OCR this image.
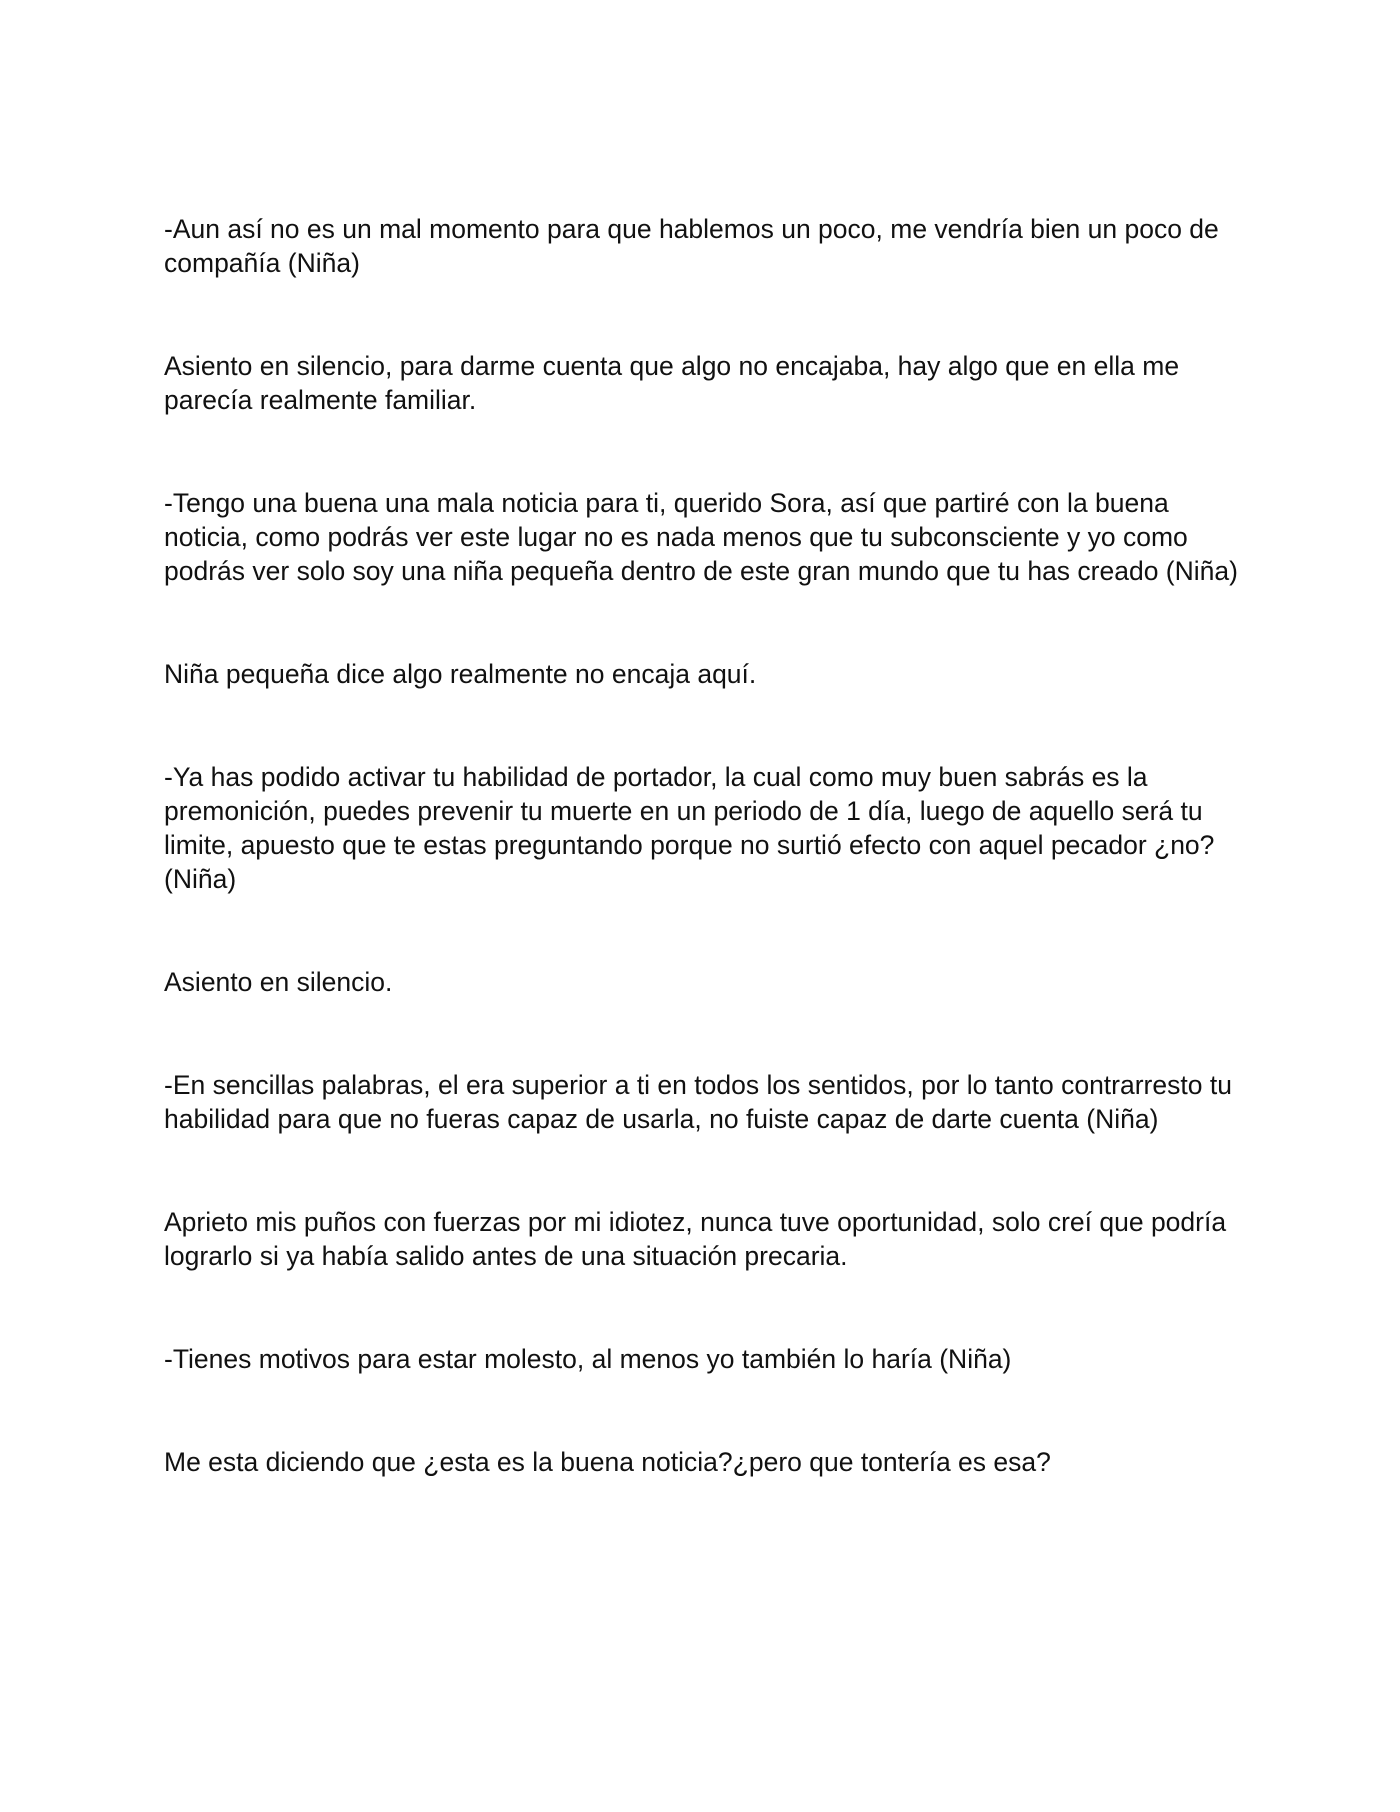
-Aun así no es un mal momento para que hablemos un poco, me vendría bien un poco de compañía (Niña)

Asiento en silencio, para darme cuenta que algo no encajaba, hay algo que en ella me parecía realmente familiar.

-Tengo una buena una mala noticia para ti, querido Sora, así que partiré con la buena noticia, como podrás ver este lugar no es nada menos que tu subconsciente y yo como podrás ver solo soy una niña pequeña dentro de este gran mundo que tu has creado (Niña)

Niña pequeña dice algo realmente no encaja aquí.

-Ya has podido activar tu habilidad de portador, la cual como muy buen sabrás es la premonición, puedes prevenir tu muerte en un periodo de 1 día, luego de aquello será tu limite, apuesto que te estas preguntando porque no surtió efecto con aquel pecador ¿no? (Niña)

Asiento en silencio.

-En sencillas palabras, el era superior a ti en todos los sentidos, por lo tanto contrarresto tu habilidad para que no fueras capaz de usarla, no fuiste capaz de darte cuenta (Niña)

Aprieto mis puños con fuerzas por mi idiotez, nunca tuve oportunidad, solo creí que podría lograrlo si ya había salido antes de una situación precaria.

-Tienes motivos para estar molesto, al menos yo también lo haría (Niña)

Me esta diciendo que ¿esta es la buena noticia?¿pero que tontería es esa?
